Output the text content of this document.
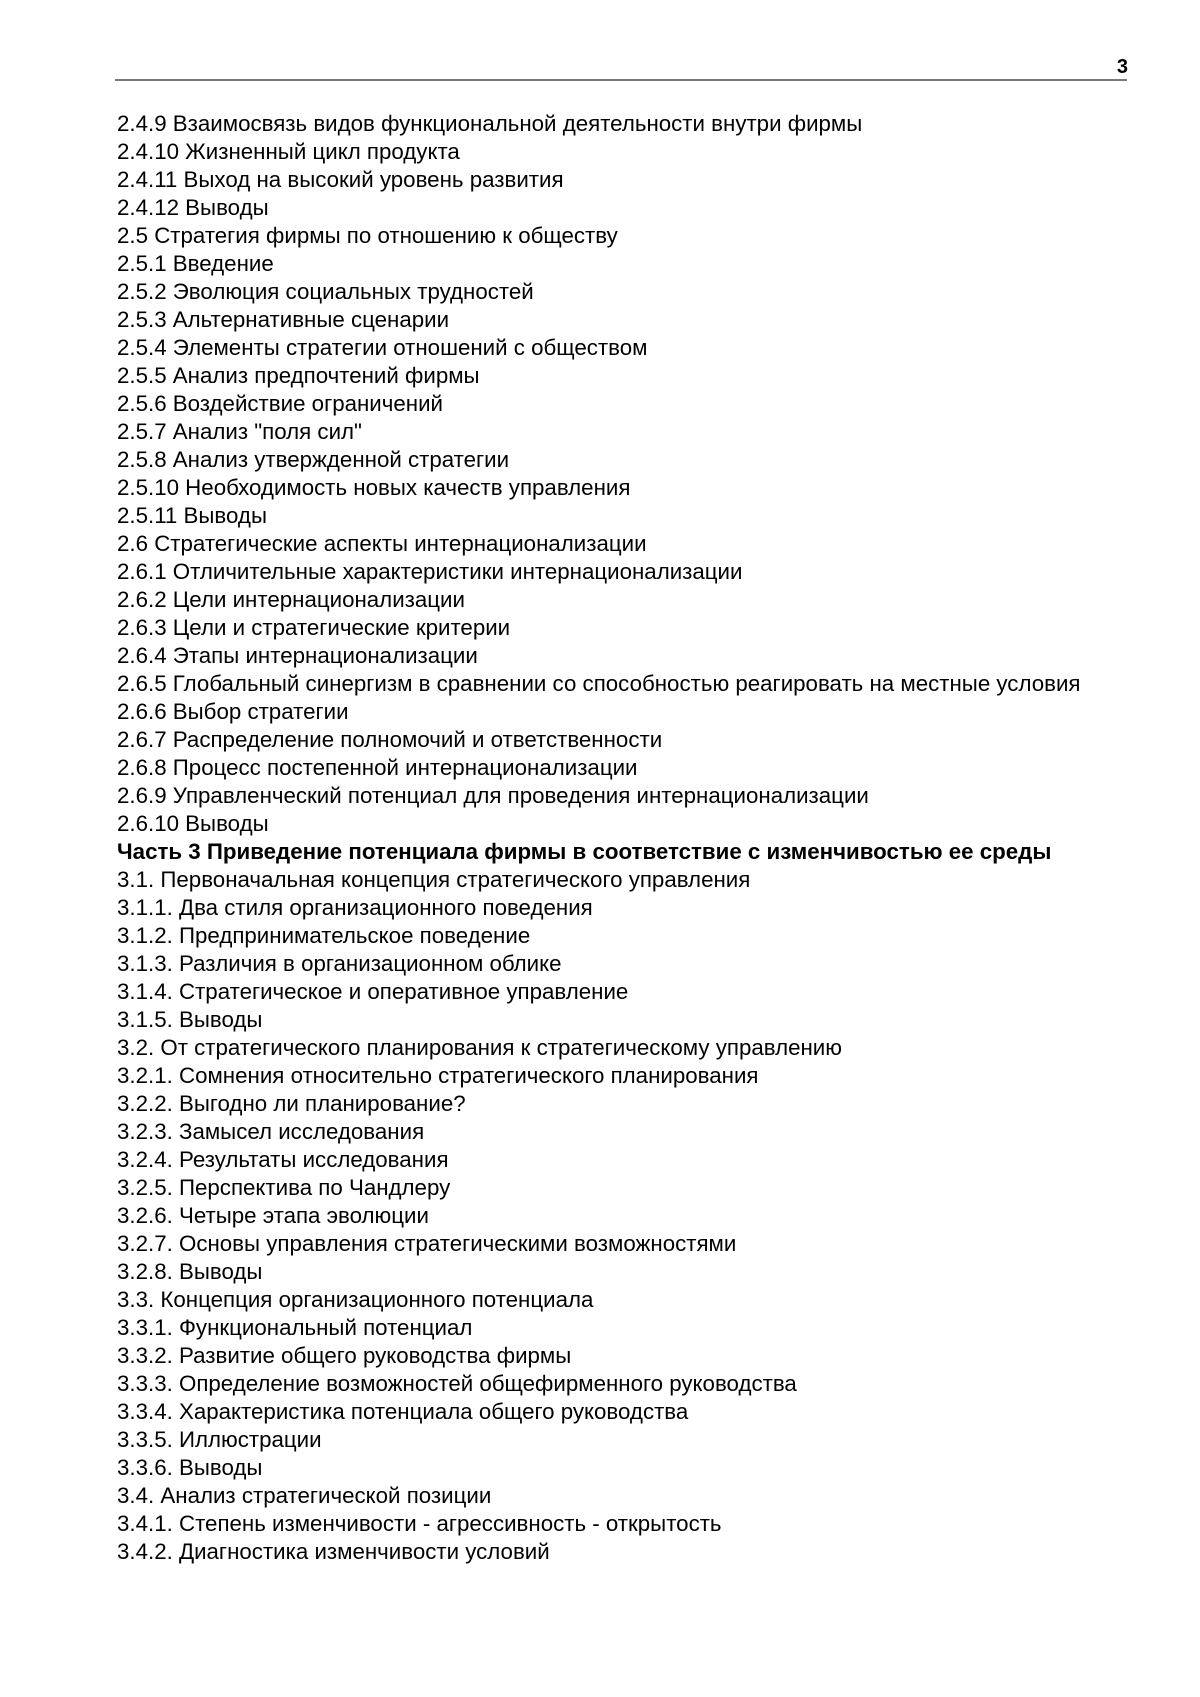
3
2.4.9 Взаимосвязь видов функциональной деятельности внутри фирмы
2.4.10 Жизненный цикл продукта
2.4.11 Выход на высокий уровень развития
2.4.12 Выводы
2.5 Стратегия фирмы по отношению к обществу
2.5.1 Введение
2.5.2 Эволюция социальных трудностей
2.5.3 Альтернативные сценарии
2.5.4 Элементы стратегии отношений с обществом
2.5.5 Анализ предпочтений фирмы
2.5.6 Воздействие ограничений
2.5.7 Анализ "поля сил"
2.5.8 Анализ утвержденной стратегии
2.5.10 Необходимость новых качеств управления
2.5.11 Выводы
2.6 Стратегические аспекты интернационализации
2.6.1 Отличительные характеристики интернационализации
2.6.2 Цели интернационализации
2.6.3 Цели и стратегические критерии
2.6.4 Этапы интернационализации
2.6.5 Глобальный синергизм в сравнении со способностью реагировать на местные условия
2.6.6 Выбор стратегии
2.6.7 Распределение полномочий и ответственности
2.6.8 Процесс постепенной интернационализации
2.6.9 Управленческий потенциал для проведения интернационализации
2.6.10 Выводы
Часть 3 Приведение потенциала фирмы в соответствие с изменчивостью ее среды
3.1. Первоначальная концепция стратегического управления
3.1.1. Два стиля организационного поведения
3.1.2. Предпринимательское поведение
3.1.3. Различия в организационном облике
3.1.4. Стратегическое и оперативное управление
3.1.5. Выводы
3.2. От стратегического планирования к стратегическому управлению
3.2.1. Сомнения относительно стратегического планирования
3.2.2. Выгодно ли планирование?
3.2.3. Замысел исследования
3.2.4. Результаты исследования
3.2.5. Перспектива по Чандлеру
3.2.6. Четыре этапа эволюции
3.2.7. Основы управления стратегическими возможностями
3.2.8. Выводы
3.3. Концепция организационного потенциала
3.3.1. Функциональный потенциал
3.3.2. Развитие общего руководства фирмы
3.3.3. Определение возможностей общефирменного руководства
3.3.4. Характеристика потенциала общего руководства
3.3.5. Иллюстрации
3.3.6. Выводы
3.4. Анализ стратегической позиции
3.4.1. Степень изменчивости - агрессивность - открытость
3.4.2. Диагностика изменчивости условий
